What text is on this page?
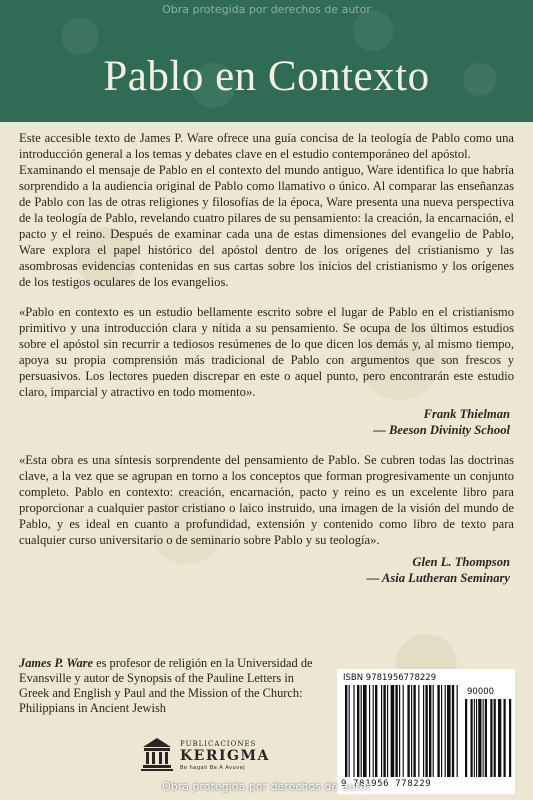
Obra protegida por derechos de autor
Pablo en Contexto

Este accesible texto de James P. Ware ofrece una guía concisa de la teología de Pablo como una introducción general a los temas y debates clave en el estudio contemporáneo del apóstol.

Examinando el mensaje de Pablo en el contexto del mundo antiguo, Ware identifica lo que habría sorprendido a la audiencia original de Pablo como llamativo o único. Al comparar las enseñanzas de Pablo con las de otras religiones y filosofías de la época, Ware presenta una nueva perspectiva de la teología de Pablo, revelando cuatro pilares de su pensamiento: la creación, la encarnación, el pacto y el reino. Después de examinar cada una de estas dimensiones del evangelio de Pablo, Ware explora el papel histórico del apóstol dentro de los orígenes del cristianismo y las asombrosas evidencias contenidas en sus cartas sobre los inicios del cristianismo y los orígenes de los testigos oculares de los evangelios.

«Pablo en contexto es un estudio bellamente escrito sobre el lugar de Pablo en el cristianismo primitivo y una introducción clara y nítida a su pensamiento. Se ocupa de los últimos estudios sobre el apóstol sin recurrir a tediosos resúmenes de lo que dicen los demás y, al mismo tiempo, apoya su propia comprensión más tradicional de Pablo con argumentos que son frescos y persuasivos. Los lectores pueden discrepar en este o aquel punto, pero encontrarán este estudio claro, imparcial y atractivo en todo momento».

Frank Thielman
— Beeson Divinity School

«Esta obra es una síntesis sorprendente del pensamiento de Pablo. Se cubren todas las doctrinas clave, a la vez que se agrupan en torno a los conceptos que forman progresivamente un conjunto completo. Pablo en contexto: creación, encarnación, pacto y reino es un excelente libro para proporcionar a cualquier pastor cristiano o laico instruido, una imagen de la visión del mundo de Pablo, y es ideal en cuanto a profundidad, extensión y contenido como libro de texto para cualquier curso universitario o de seminario sobre Pablo y su teología».

Glen L. Thompson
— Asia Lutheran Seminary
James P. Ware es profesor de religión en la Universidad de Evansville y autor de Synopsis of the Pauline Letters in Greek and English y Paul and the Mission of the Church: Philippians in Ancient Jewish
PUBLICACIONES
KERIGMA
Be hagah Be A Avuvej
ISBN 9781956778229
90000
9 781956 778229
Obra protegida por derechos de autor
